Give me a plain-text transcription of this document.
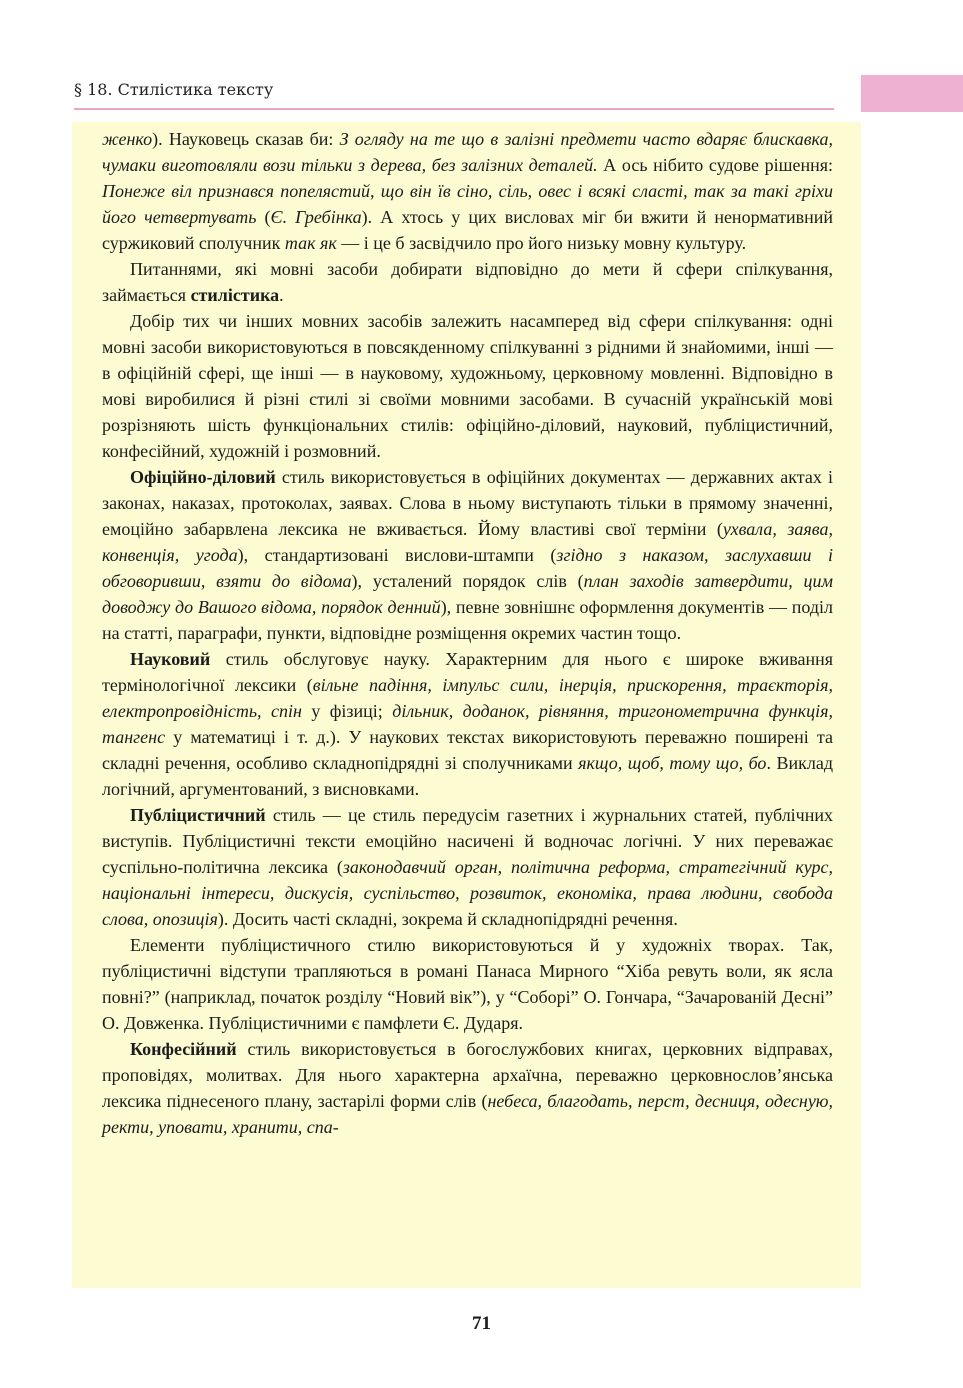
§ 18. Стилістика тексту

женко). Науковець сказав би: З огляду на те що в залізні предмети часто вдаряє блискавка, чумаки виготовляли вози тільки з дерева, без залізних деталей. А ось нібито судове рішення: Понеже віл признався попелястий, що він їв сіно, сіль, овес і всякі сласті, так за такі гріхи його четвертувать (Є. Гребінка). А хтось у цих висловах міг би вжити й ненормативний суржиковий сполучник так як — і це б засвідчило про його низьку мовну культуру.

Питаннями, які мовні засоби добирати відповідно до мети й сфери спілкування, займається стилістика.

Добір тих чи інших мовних засобів залежить насамперед від сфери спілкування: одні мовні засоби використовуються в повсякденному спілкуванні з рідними й знайомими, інші — в офіційній сфері, ще інші — в науковому, художньому, церковному мовленні. Відповідно в мові виробилися й різні стилі зі своїми мовними засобами. В сучасній українській мові розрізняють шість функціональних стилів: офіційно-діловий, науковий, публіцистичний, конфесійний, художній і розмовний.

Офіційно-діловий стиль використовується в офіційних документах — державних актах і законах, наказах, протоколах, заявах. Слова в ньому виступають тільки в прямому значенні, емоційно забарвлена лексика не вживається. Йому властиві свої терміни (ухвала, заява, конвенція, угода), стандартизовані вислови-штампи (згідно з наказом, заслухавши і обговоривши, взяти до відома), усталений порядок слів (план заходів затвердити, цим доводжу до Вашого відома, порядок денний), певне зовнішнє оформлення документів — поділ на статті, параграфи, пункти, відповідне розміщення окремих частин тощо.

Науковий стиль обслуговує науку. Характерним для нього є широке вживання термінологічної лексики (вільне падіння, імпульс сили, інерція, прискорення, траєкторія, електропровідність, спін у фізиці; дільник, доданок, рівняння, тригонометрична функція, тангенс у математиці і т. д.). У наукових текстах використовують переважно поширені та складні речення, особливо складнопідрядні зі сполучниками якщо, щоб, тому що, бо. Виклад логічний, аргументований, з висновками.

Публіцистичний стиль — це стиль передусім газетних і журнальних статей, публічних виступів. Публіцистичні тексти емоційно насичені й водночас логічні. У них переважає суспільно-політична лексика (законодавчий орган, політична реформа, стратегічний курс, національні інтереси, дискусія, суспільство, розвиток, економіка, права людини, свобода слова, опозиція). Досить часті складні, зокрема й складнопідрядні речення.

Елементи публіцистичного стилю використовуються й у художніх творах. Так, публіцистичні відступи трапляються в романі Панаса Мирного “Хіба ревуть воли, як ясла повні?” (наприклад, початок розділу “Новий вік”), у “Соборі” О. Гончара, “Зачарованій Десні” О. Довженка. Публіцистичними є памфлети Є. Дударя.

Конфесійний стиль використовується в богослужбових книгах, церковних відправах, проповідях, молитвах. Для нього характерна архаїчна, переважно церковнослов’янська лексика піднесеного плану, застарілі форми слів (небеса, благодать, перст, десниця, одесную, ректи, уповати, хранити, спа-

71
